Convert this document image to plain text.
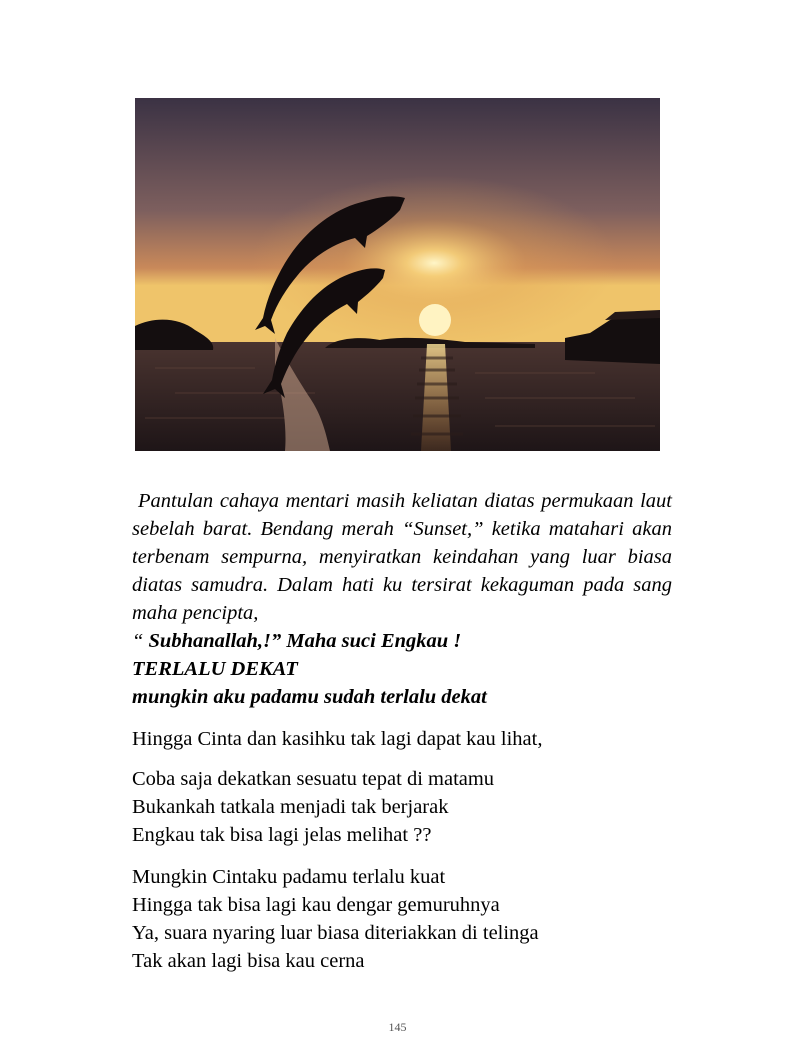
Pantulan cahaya mentari masih keliatan diatas permukaan laut sebelah barat. Bendang merah “Sunset,” ketika matahari akan terbenam sempurna, menyiratkan keindahan yang luar biasa diatas samudra. Dalam hati ku tersirat kekaguman pada sang maha pencipta,
“ Subhanallah,!” Maha suci Engkau !
TERLALU DEKAT
mungkin aku padamu sudah terlalu dekat
Hingga Cinta dan kasihku tak lagi dapat kau lihat,
Coba saja dekatkan sesuatu tepat di matamu
Bukankah tatkala menjadi tak berjarak
Engkau tak bisa lagi jelas melihat ??
Mungkin Cintaku padamu terlalu kuat
Hingga tak bisa lagi kau dengar gemuruhnya
Ya, suara nyaring luar biasa diteriakkan di telinga
Tak akan lagi bisa kau cerna
145
